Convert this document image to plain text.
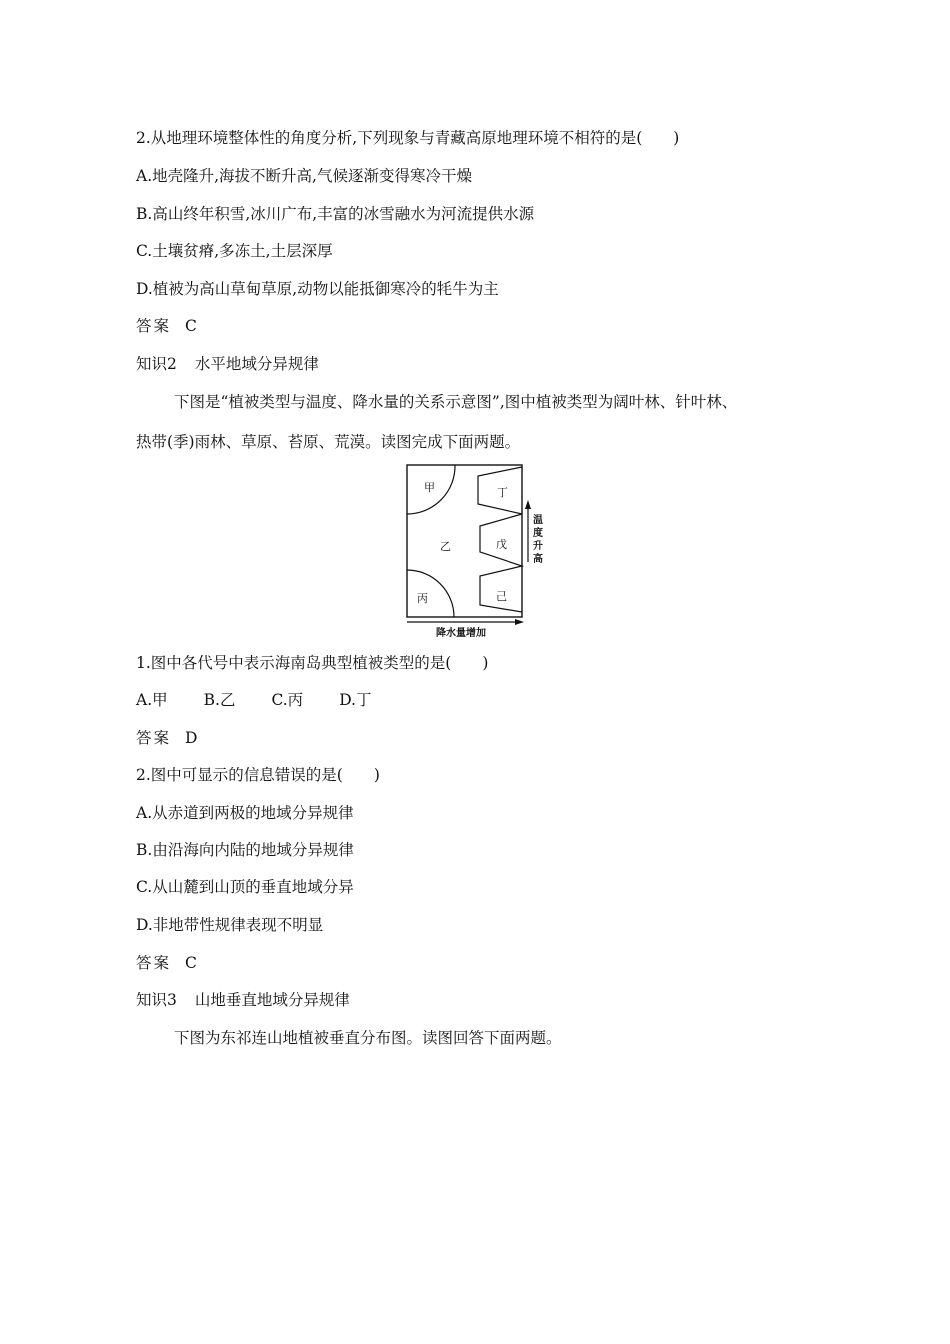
2.从地理环境整体性的角度分析,下列现象与青藏高原地理环境不相符的是(　　)
A.地壳隆升,海拔不断升高,气候逐渐变得寒冷干燥
B.高山终年积雪,冰川广布,丰富的冰雪融水为河流提供水源
C.土壤贫瘠,多冻土,土层深厚
D.植被为高山草甸草原,动物以能抵御寒冷的牦牛为主
答案 C
知识2 水平地域分异规律
下图是“植被类型与温度、降水量的关系示意图”,图中植被类型为阔叶林、针叶林、
热带(季)雨林、草原、苔原、荒漠。读图完成下面两题。
甲
乙
丙
丁
戊
己
温
度
升
高
降水量增加
1.图中各代号中表示海南岛典型植被类型的是(　　)
A.甲 B.乙 C.丙 D.丁
答案 D
2.图中可显示的信息错误的是(　　)
A.从赤道到两极的地域分异规律
B.由沿海向内陆的地域分异规律
C.从山麓到山顶的垂直地域分异
D.非地带性规律表现不明显
答案 C
知识3 山地垂直地域分异规律
下图为东祁连山地植被垂直分布图。读图回答下面两题。
